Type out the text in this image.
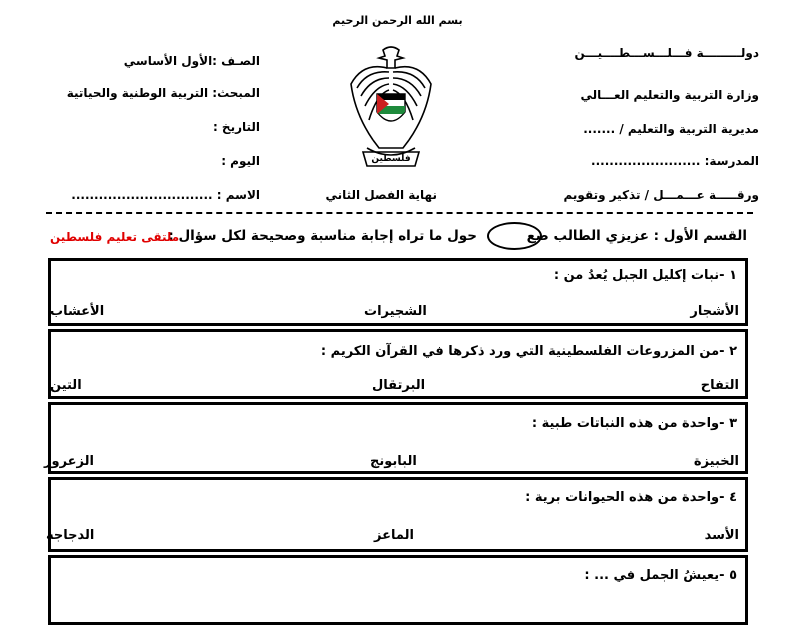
بسم الله الرحمن الرحيم
دولـــــــــة فـــلـــســـطــــيـــن
وزارة التربية والتعليم العـــالي
مديرية التربية والتعليم / .......
المدرسة: ........................
ورقـــــة عـــمـــل / تذكير وتقويم
الصـف :الأول الأساسي
المبحث: التربية الوطنية والحياتية
التاريخ :
اليوم :
الاسم : ...............................
فلسطين
نهاية الفصل الثاني
القسم الأول : عزيزي الطالب ضع
حول ما تراه إجابة مناسبة وصحيحة لكل سؤال :
ملتقى تعليم فلسطين
١ -نبات إكليل الجبل يُعدُ من :
الأشجار
الشجيرات
الأعشاب
٢ -من المزروعات الفلسطينية التي ورد ذكرها في القرآن الكريم :
التفاح
البرتقال
التين
٣ -واحدة من هذه النباتات طبية :
الخبيزة
البابونج
الزعرور
٤ -واحدة من هذه الحيوانات برية :
الأسد
الماعز
الدجاجة
٥ -يعيشُ الجمل في ... :
